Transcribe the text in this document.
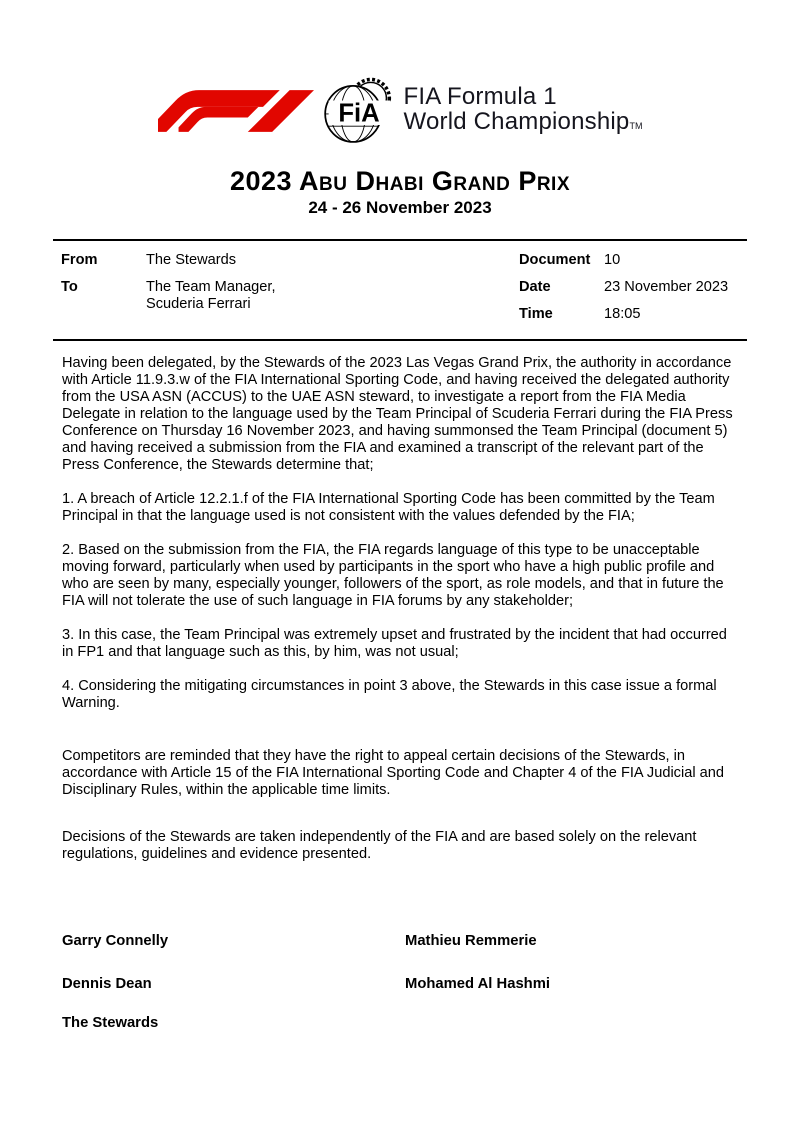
FiA
FIA Formula 1
World ChampionshipTM
2023 Abu Dhabi Grand Prix
24 - 26 November 2023
From	The Stewards
To	The Team Manager,
Scuderia Ferrari
Document 10
Date	23 November 2023
Time	18:05

Having been delegated, by the Stewards of the 2023 Las Vegas Grand Prix, the authority in accordance with Article 11.9.3.w of the FIA International Sporting Code, and having received the delegated authority from the USA ASN (ACCUS) to the UAE ASN steward, to investigate a report from the FIA Media Delegate in relation to the language used by the Team Principal of Scuderia Ferrari during the FIA Press Conference on Thursday 16 November 2023, and having summonsed the Team Principal (document 5) and having received a submission from the FIA and examined a transcript of the relevant part of the Press Conference, the Stewards determine that;

1. A breach of Article 12.2.1.f of the FIA International Sporting Code has been committed by the Team Principal in that the language used is not consistent with the values defended by the FIA;

2. Based on the submission from the FIA, the FIA regards language of this type to be unacceptable moving forward, particularly when used by participants in the sport who have a high public profile and who are seen by many, especially younger, followers of the sport, as role models, and that in future the FIA will not tolerate the use of such language in FIA forums by any stakeholder;

3. In this case, the Team Principal was extremely upset and frustrated by the incident that had occurred in FP1 and that language such as this, by him, was not usual;

4. Considering the mitigating circumstances in point 3 above, the Stewards in this case issue a formal Warning.

Competitors are reminded that they have the right to appeal certain decisions of the Stewards, in accordance with Article 15 of the FIA International Sporting Code and Chapter 4 of the FIA Judicial and Disciplinary Rules, within the applicable time limits.

Decisions of the Stewards are taken independently of the FIA and are based solely on the relevant regulations, guidelines and evidence presented.

Garry Connelly	Mathieu Remmerie
Dennis Dean	Mohamed Al Hashmi
The Stewards
